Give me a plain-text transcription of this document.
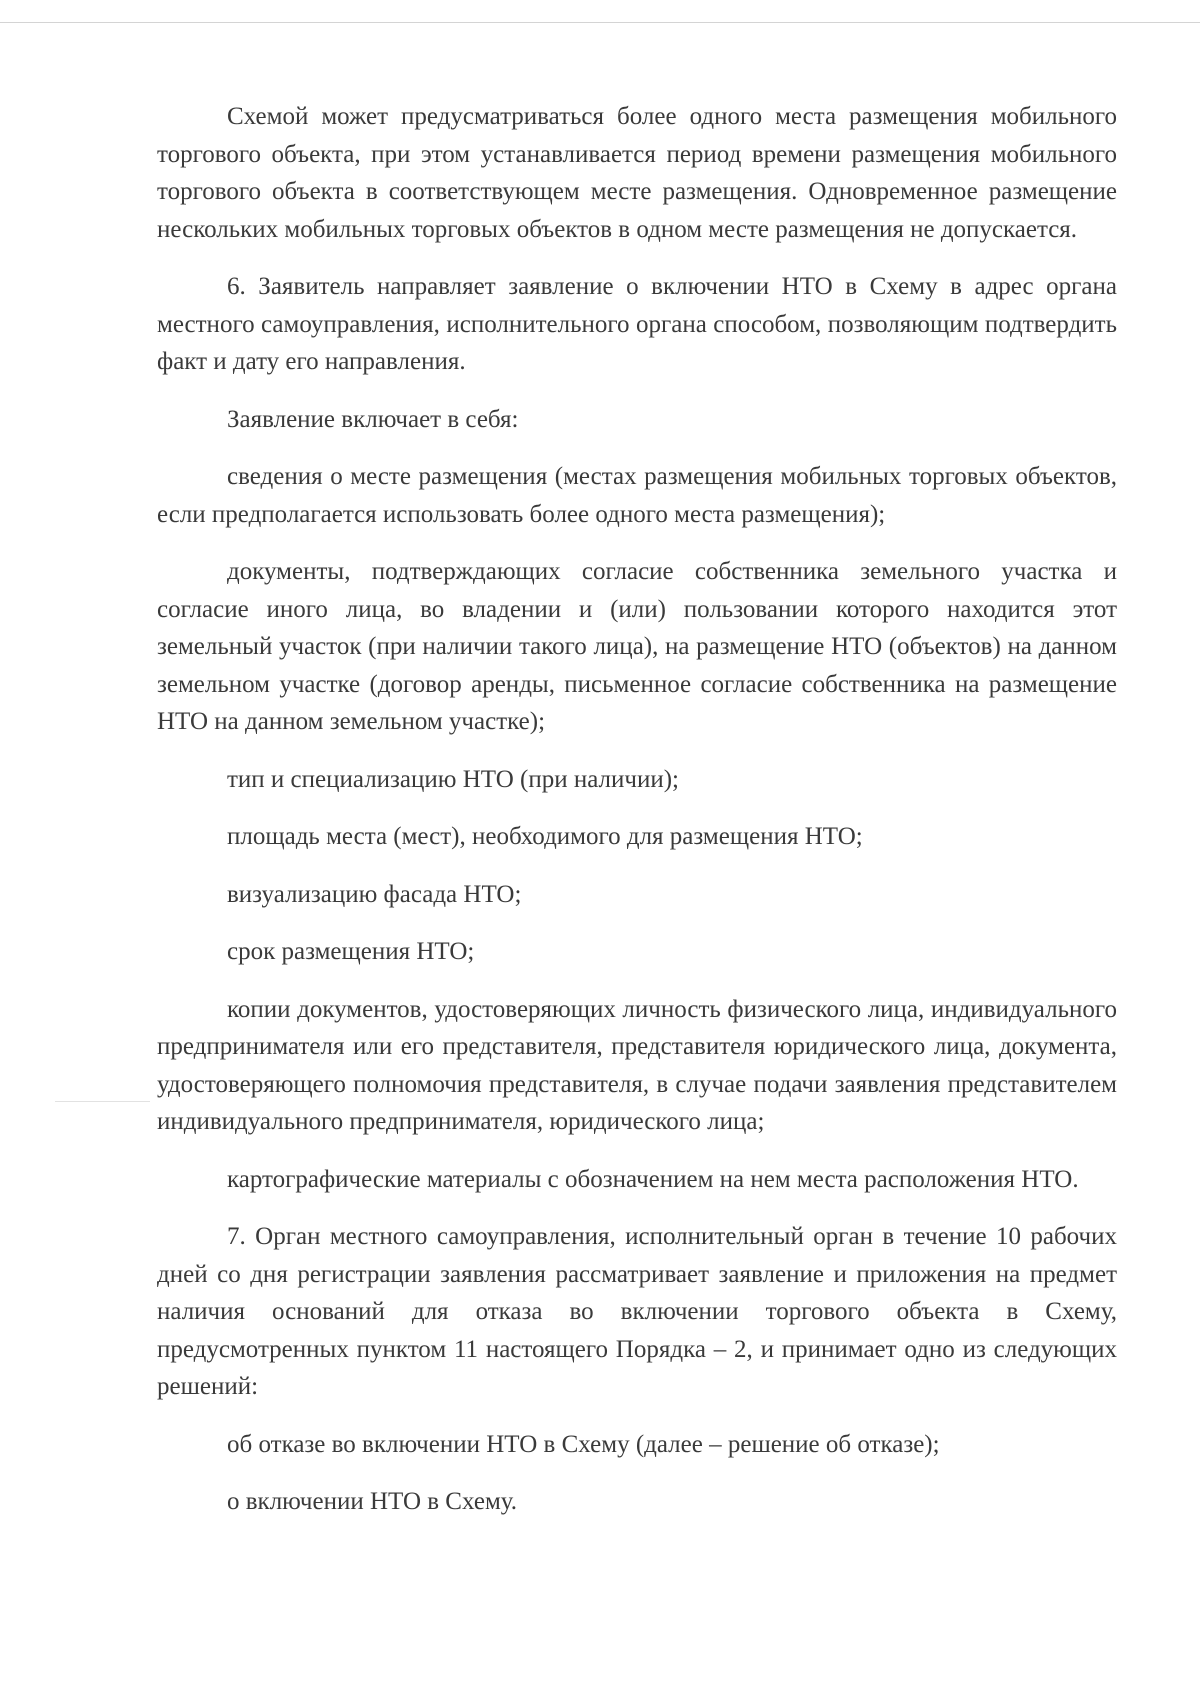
Схемой может предусматриваться более одного места размещения мобильного торгового объекта, при этом устанавливается период времени размещения мобильного торгового объекта в соответствующем месте размещения. Одновременное размещение нескольких мобильных торговых объектов в одном месте размещения не допускается.

6. Заявитель направляет заявление о включении НТО в Схему в адрес органа местного самоуправления, исполнительного органа способом, позволяющим подтвердить факт и дату его направления.

Заявление включает в себя:

сведения о месте размещения (местах размещения мобильных торговых объектов, если предполагается использовать более одного места размещения);

документы, подтверждающих согласие собственника земельного участка и согласие иного лица, во владении и (или) пользовании которого находится этот земельный участок (при наличии такого лица), на размещение НТО (объектов) на данном земельном участке (договор аренды, письменное согласие собственника на размещение НТО на данном земельном участке);

тип и специализацию НТО (при наличии);

площадь места (мест), необходимого для размещения НТО;

визуализацию фасада НТО;

срок размещения НТО;

копии документов, удостоверяющих личность физического лица, индивидуального предпринимателя или его представителя, представителя юридического лица, документа, удостоверяющего полномочия представителя, в случае подачи заявления представителем индивидуального предпринимателя, юридического лица;

картографические материалы с обозначением на нем места расположения НТО.

7. Орган местного самоуправления, исполнительный орган в течение 10 рабочих дней со дня регистрации заявления рассматривает заявление и приложения на предмет наличия оснований для отказа во включении торгового объекта в Схему, предусмотренных пунктом 11 настоящего Порядка – 2, и принимает одно из следующих решений:

об отказе во включении НТО в Схему (далее – решение об отказе);

о включении НТО в Схему.
